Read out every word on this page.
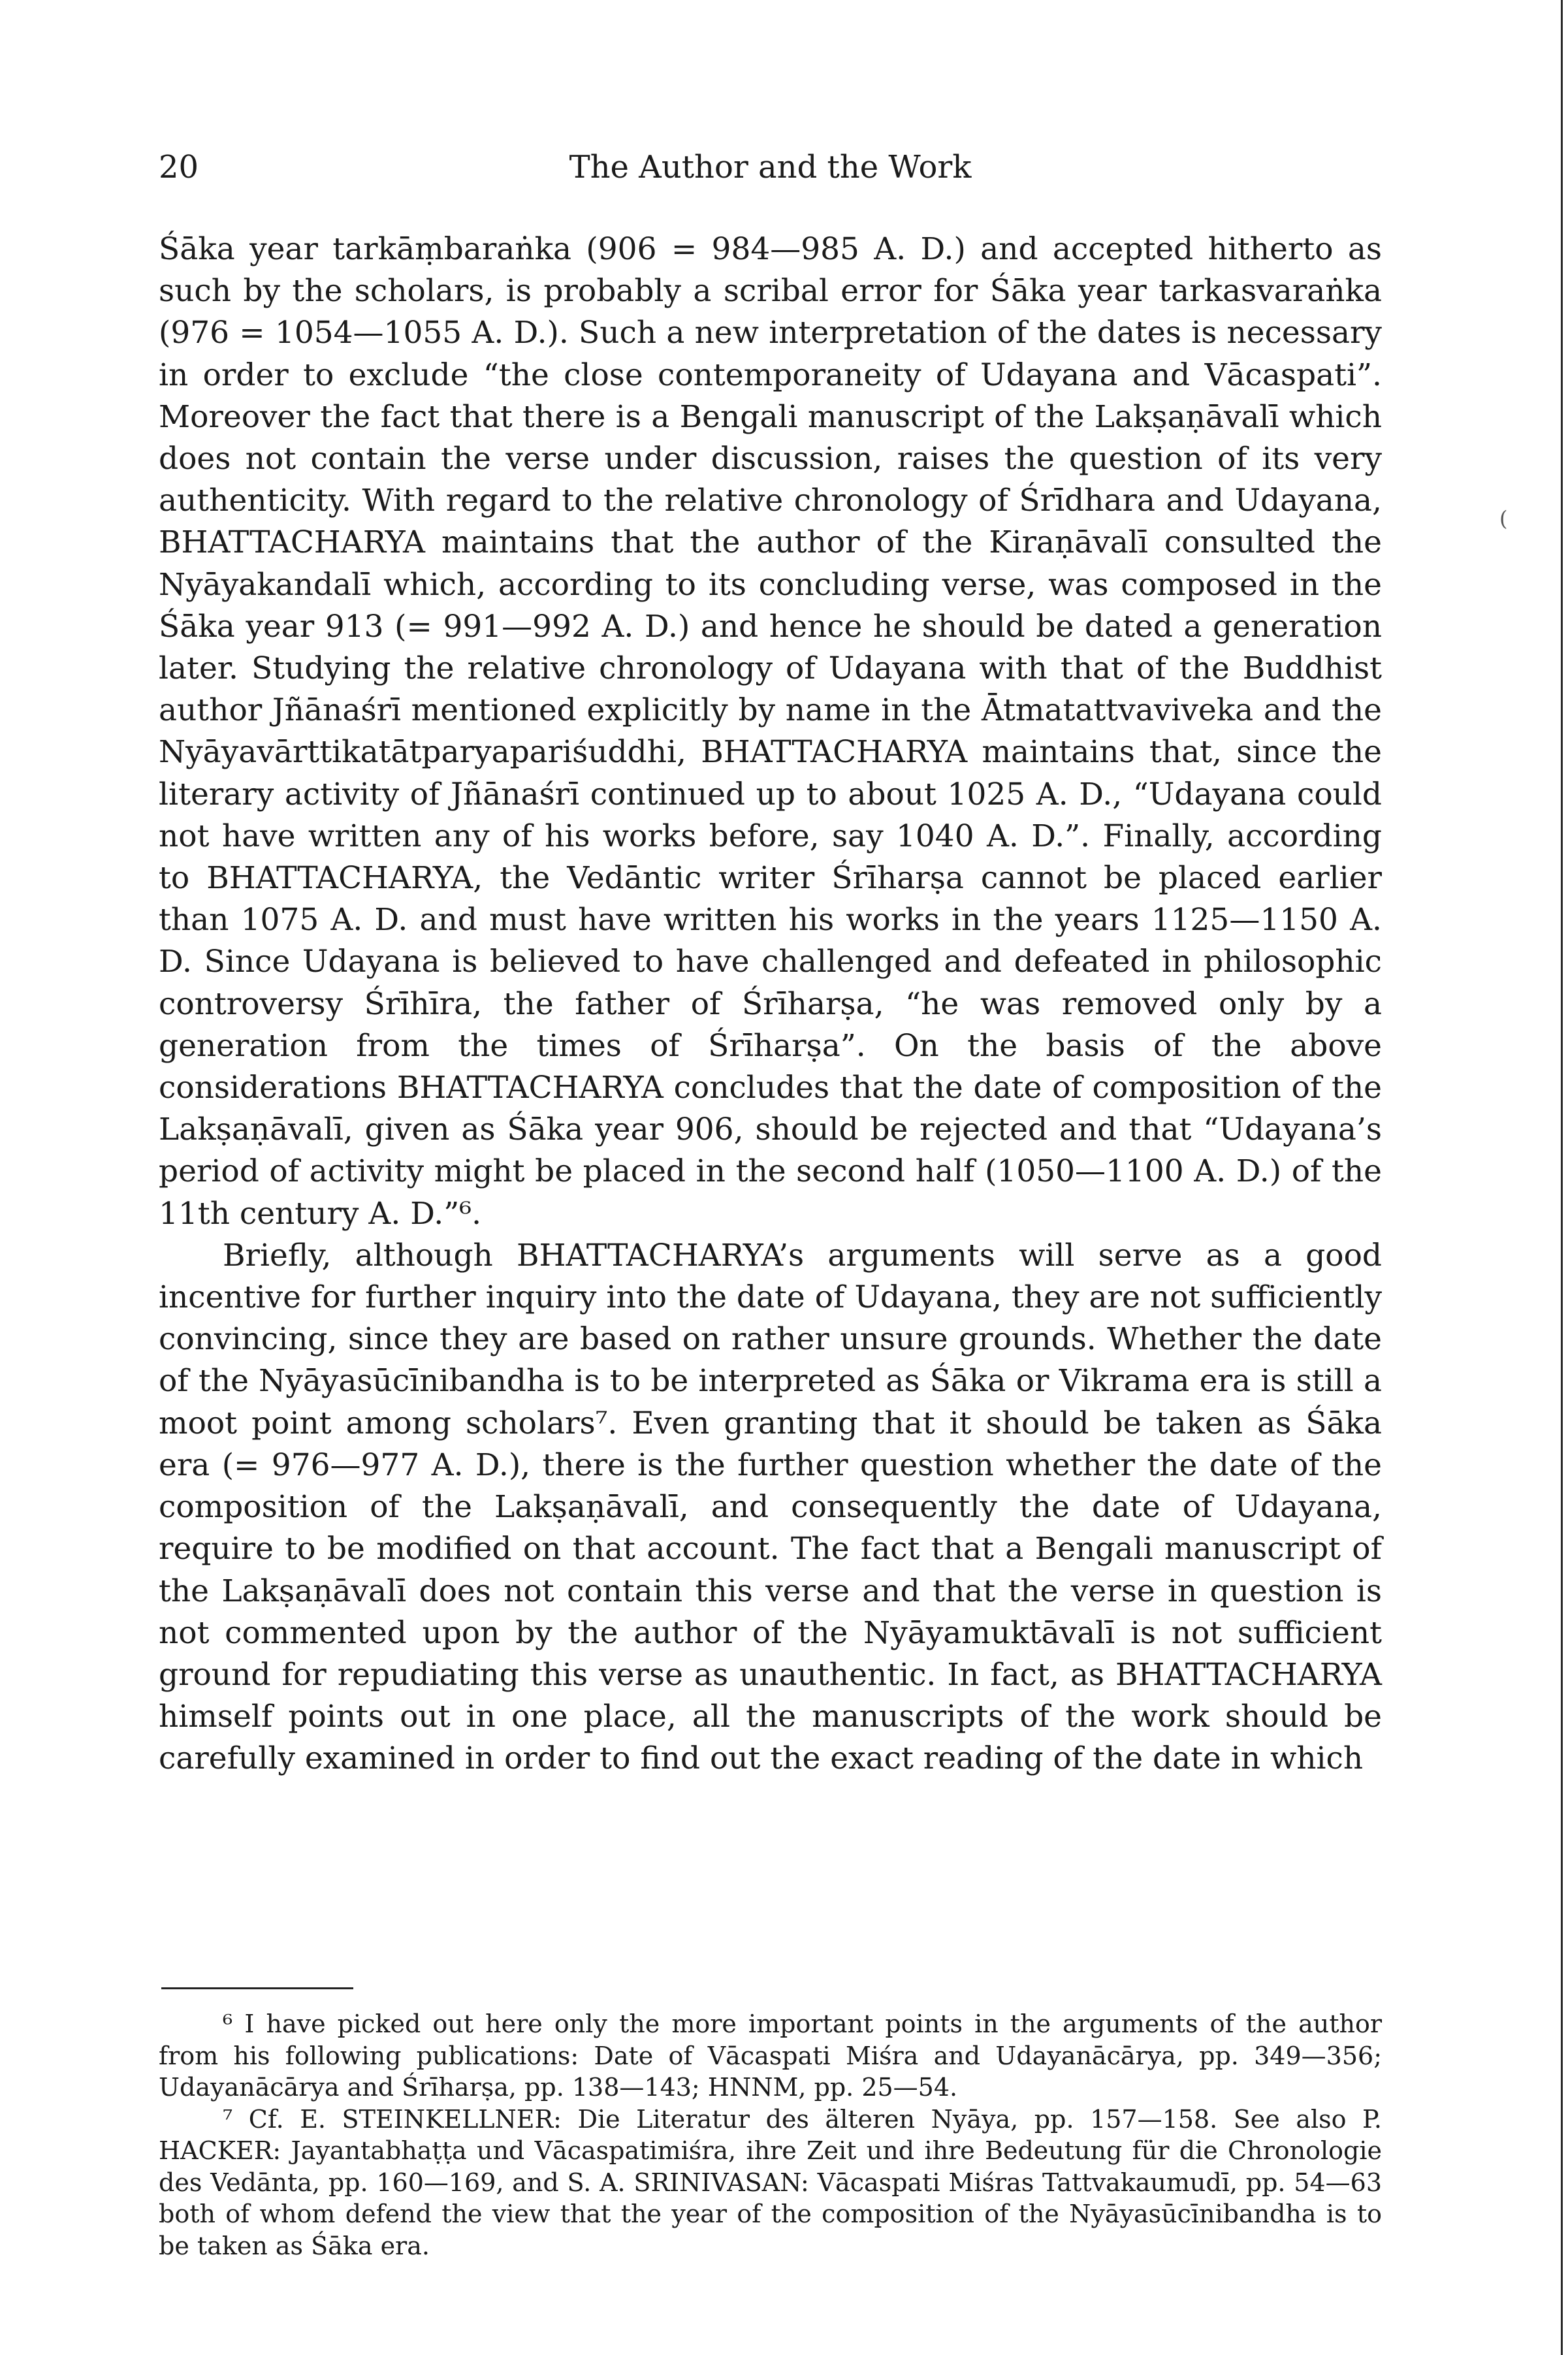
(
20	The Author and the Work

Śāka year tarkāṃbaraṅka (906 = 984—985 A. D.) and accepted hitherto as such by the scholars, is probably a scribal error for Śāka year tarkasvaraṅka (976 = 1054—1055 A. D.). Such a new interpretation of the dates is necessary in order to exclude “the close contemporaneity of Udayana and Vācaspati”. Moreover the fact that there is a Bengali manuscript of the Lakṣaṇāvalī which does not contain the verse under discussion, raises the question of its very authenticity. With regard to the relative chronology of Śrīdhara and Udayana, BHATTACHARYA maintains that the author of the Kiraṇāvalī consulted the Nyāyakandalī which, according to its concluding verse, was composed in the Śāka year 913 (= 991—992 A. D.) and hence he should be dated a generation later. Studying the relative chronology of Udayana with that of the Buddhist author Jñānaśrī mentioned explicitly by name in the Ātmatattvaviveka and the Nyāyavārttikatātparyapariśuddhi, BHATTACHARYA maintains that, since the literary activity of Jñānaśrī continued up to about 1025 A. D., “Udayana could not have written any of his works before, say 1040 A. D.”. Finally, according to BHATTACHARYA, the Vedāntic writer Śrīharṣa cannot be placed earlier than 1075 A. D. and must have written his works in the years 1125—1150 A. D. Since Udayana is believed to have challenged and defeated in philosophic controversy Śrīhīra, the father of Śrīharṣa, “he was removed only by a generation from the times of Śrīharṣa”. On the basis of the above considerations BHATTACHARYA concludes that the date of composition of the Lakṣaṇāvalī, given as Śāka year 906, should be rejected and that “Udayana’s period of activity might be placed in the second half (1050—1100 A. D.) of the 11th century A. D.”⁶.

Briefly, although BHATTACHARYA’s arguments will serve as a good incentive for further inquiry into the date of Udayana, they are not sufficiently convincing, since they are based on rather unsure grounds. Whether the date of the Nyāyasūcīnibandha is to be interpreted as Śāka or Vikrama era is still a moot point among scholars⁷. Even granting that it should be taken as Śāka era (= 976—977 A. D.), there is the further question whether the date of the composition of the Lakṣaṇāvalī, and consequently the date of Udayana, require to be modified on that account. The fact that a Bengali manuscript of the Lakṣaṇāvalī does not contain this verse and that the verse in question is not commented upon by the author of the Nyāyamuktāvalī is not sufficient ground for repudiating this verse as unauthentic. In fact, as BHATTACHARYA himself points out in one place, all the manuscripts of the work should be carefully examined in order to find out the exact reading of the date in which

⁶ I have picked out here only the more important points in the arguments of the author from his following publications: Date of Vācaspati Miśra and Udayanācārya, pp. 349—356; Udayanācārya and Śrīharṣa, pp. 138—143; HNNM, pp. 25—54.

⁷ Cf. E. STEINKELLNER: Die Literatur des älteren Nyāya, pp. 157—158. See also P. HACKER: Jayantabhaṭṭa und Vācaspatimiśra, ihre Zeit und ihre Bedeutung für die Chronologie des Vedānta, pp. 160—169, and S. A. SRINIVASAN: Vācaspati Miśras Tattvakaumudī, pp. 54—63 both of whom defend the view that the year of the composition of the Nyāyasūcīnibandha is to be taken as Śāka era.
